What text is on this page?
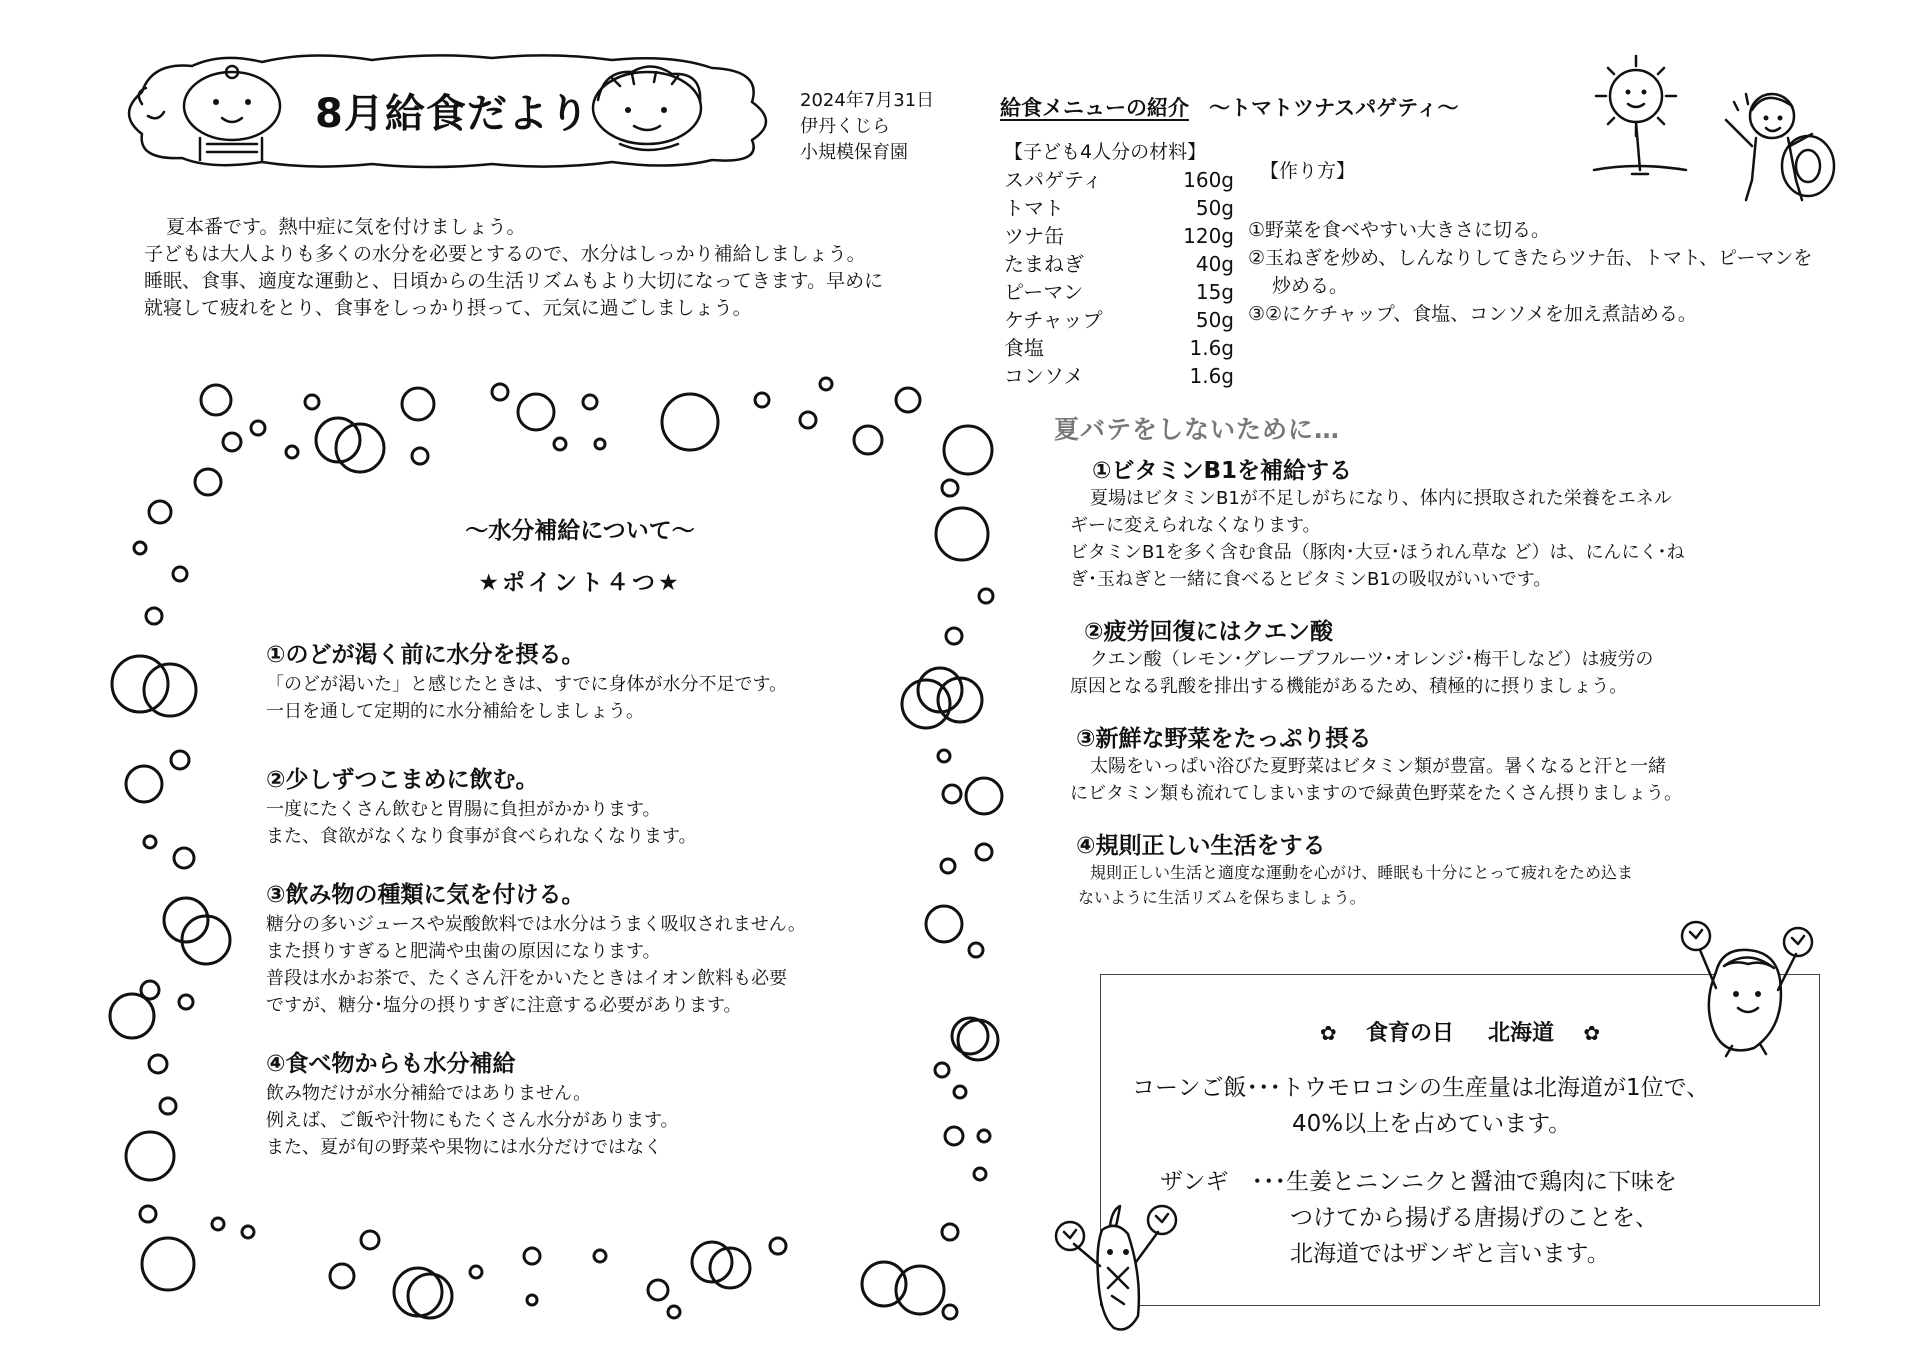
8月給食だより	2024年7月31日
伊丹くじら
小規模保育園

夏本番です。熱中症に気を付けましょう。

子どもは大人よりも多くの水分を必要とするので、水分はしっかり補給しましょう。

睡眠、食事、適度な運動と、日頃からの生活リズムもより大切になってきます。早めに

就寝して疲れをとり、食事をしっかり摂って、元気に過ごしましょう。

給食メニューの紹介 ～トマトツナスパゲティ～
【子ども4人分の材料】
スパゲティ	160g
トマト	50g
ツナ缶	120g
たまねぎ	40g
ピーマン	15g
ケチャップ	50g
食塩	1.6g
コンソメ	1.6g
【作り方】
①野菜を食べやすい大きさに切る。
②玉ねぎを炒め、しんなりしてきたらツナ缶、トマト、ピーマンを
炒める。
③②にケチャップ、食塩、コンソメを加え煮詰める。
～水分補給について～
★ポイント４つ★
①のどが渇く前に水分を摂る。
「のどが渇いた」と感じたときは、すでに身体が水分不足です。
一日を通して定期的に水分補給をしましょう。
②少しずつこまめに飲む。
一度にたくさん飲むと胃腸に負担がかかります。
また、食欲がなくなり食事が食べられなくなります。
③飲み物の種類に気を付ける。
糖分の多いジュースや炭酸飲料では水分はうまく吸収されません。
また摂りすぎると肥満や虫歯の原因になります。
普段は水かお茶で、たくさん汗をかいたときはイオン飲料も必要
ですが、糖分･塩分の摂りすぎに注意する必要があります。
④食べ物からも水分補給
飲み物だけが水分補給ではありません。
例えば、ご飯や汁物にもたくさん水分があります。
また、夏が旬の野菜や果物には水分だけではなく
夏バテをしないために…
①ビタミンB1を補給する
夏場はビタミンB1が不足しがちになり、体内に摂取された栄養をエネル
ギーに変えられなくなります。
ビタミンB1を多く含む食品（豚肉･大豆･ほうれん草な ど）は、にんにく･ね
ぎ･玉ねぎと一緒に食べるとビタミンB1の吸収がいいです。
②疲労回復にはクエン酸
クエン酸（レモン･グレープフルーツ･オレンジ･梅干しなど）は疲労の
原因となる乳酸を排出する機能があるため、積極的に摂りましょう。
③新鮮な野菜をたっぷり摂る
太陽をいっぱい浴びた夏野菜はビタミン類が豊富。暑くなると汗と一緒
にビタミン類も流れてしまいますので緑黄色野菜をたくさん摂りましょう。
④規則正しい生活をする
規則正しい生活と適度な運動を心がけ、睡眠も十分にとって疲れをため込ま
ないように生活リズムを保ちましょう。
✿ 食育の日 北海道 ✿
コーンご飯･･･トウモロコシの生産量は北海道が1位で、
40%以上を占めています。
ザンギ　･･･生姜とニンニクと醤油で鶏肉に下味を
つけてから揚げる唐揚げのことを、
北海道ではザンギと言います。
